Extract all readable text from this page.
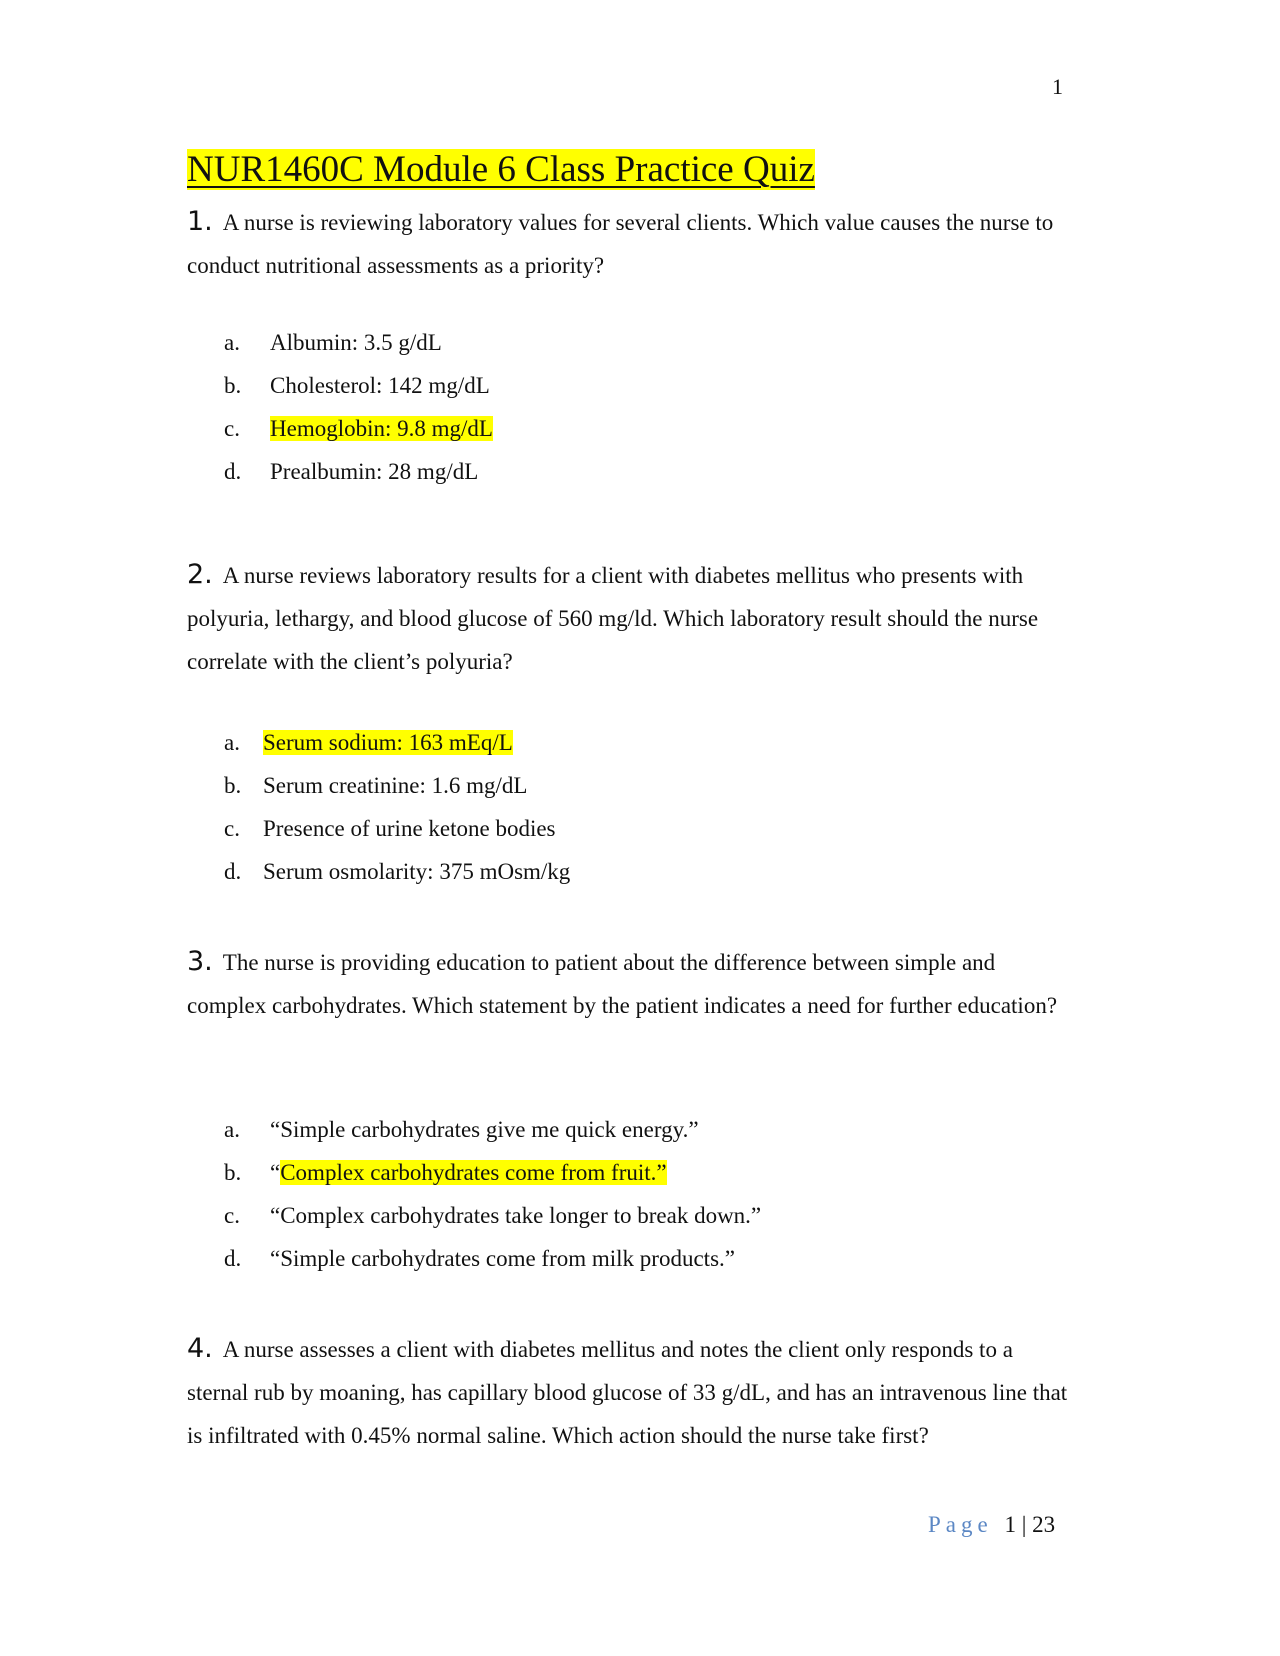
1
NUR1460C Module 6 Class Practice Quiz

1. A nurse is reviewing laboratory values for several clients. Which value causes the nurse to conduct nutritional assessments as a priority?

a. Albumin: 3.5 g/dL
b. Cholesterol: 142 mg/dL
c. Hemoglobin: 9.8 mg/dL
d. Prealbumin: 28 mg/dL

2. A nurse reviews laboratory results for a client with diabetes mellitus who presents with polyuria, lethargy, and blood glucose of 560 mg/ld. Which laboratory result should the nurse correlate with the client’s polyuria?

a. Serum sodium: 163 mEq/L
b. Serum creatinine: 1.6 mg/dL
c. Presence of urine ketone bodies
d. Serum osmolarity: 375 mOsm/kg

3. The nurse is providing education to patient about the difference between simple and complex carbohydrates. Which statement by the patient indicates a need for further education?

a. “Simple carbohydrates give me quick energy.”
b. “Complex carbohydrates come from fruit.”
c. “Complex carbohydrates take longer to break down.”
d. “Simple carbohydrates come from milk products.”

4. A nurse assesses a client with diabetes mellitus and notes the client only responds to a sternal rub by moaning, has capillary blood glucose of 33 g/dL, and has an intravenous line that is infiltrated with 0.45% normal saline. Which action should the nurse take first?

Page 1 | 23
